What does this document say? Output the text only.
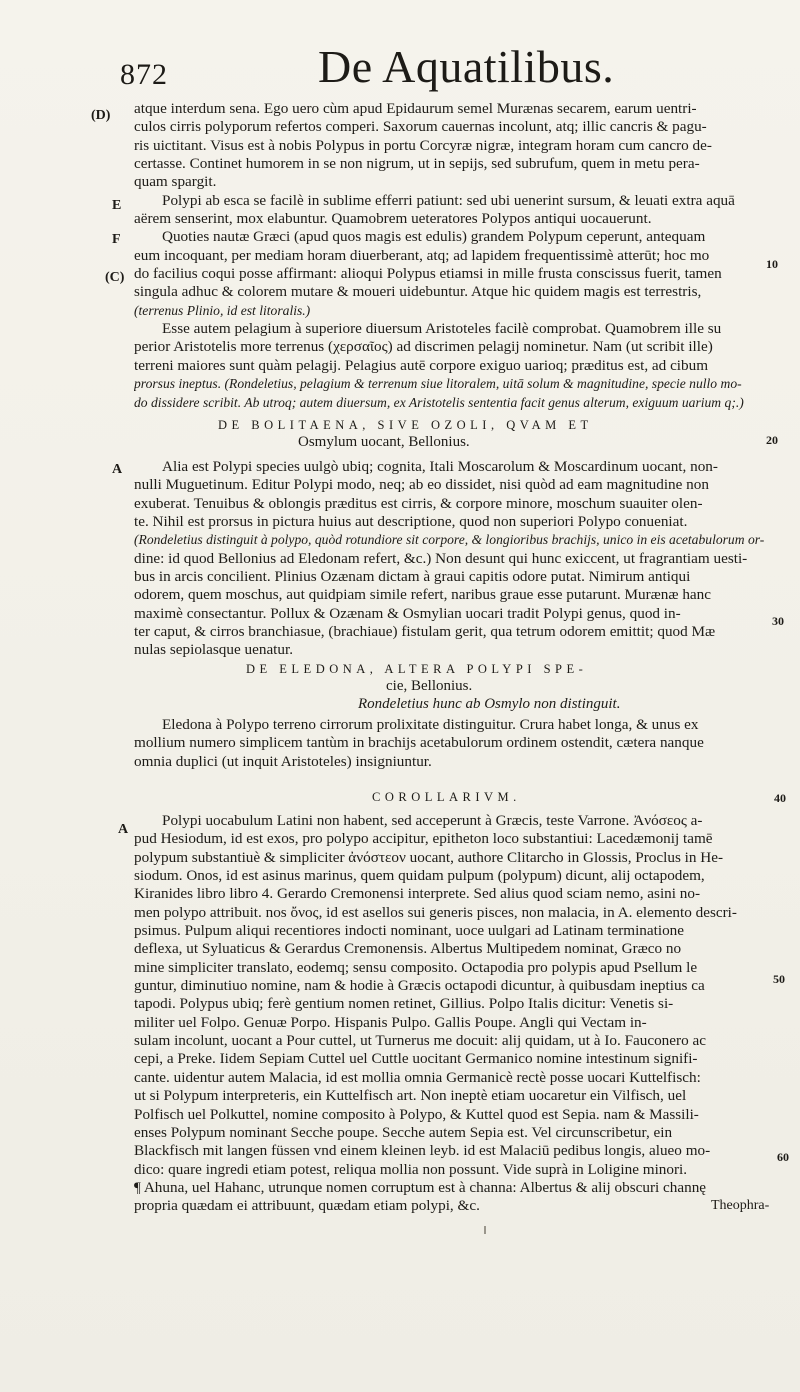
872	De Aquatilibus.
(D)
E
F
(C)
A
A
10
20
30
40
50
60
atque interdum sena. Ego uero cùm apud Epidaurum semel Murænas secarem, earum uentri-
culos cirris polyporum refertos comperi. Saxorum cauernas incolunt, atq; illic cancris & pagu-
ris uictitant. Visus est à nobis Polypus in portu Corcyræ nigræ, integram horam cum cancro de-
certasse. Continet humorem in se non nigrum, ut in sepijs, sed subrufum, quem in metu pera-
quam spargit.
Polypi ab esca se facilè in sublime efferri patiunt: sed ubi uenerint sursum, & leuati extra aquā
aërem senserint, mox elabuntur. Quamobrem ueteratores Polypos antiqui uocauerunt.
Quoties nautæ Græci (apud quos magis est edulis) grandem Polypum ceperunt, antequam
eum incoquant, per mediam horam diuerberant, atq; ad lapidem frequentissimè atterūt; hoc mo
do facilius coqui posse affirmant: alioqui Polypus etiamsi in mille frusta conscissus fuerit, tamen
singula adhuc & colorem mutare & moueri uidebuntur. Atque hic quidem magis est terrestris,
(terrenus Plinio, id est litoralis.)
Esse autem pelagium à superiore diuersum Aristoteles facilè comprobat. Quamobrem ille su
perior Aristotelis more terrenus (χερσαῖος) ad discrimen pelagij nominetur. Nam (ut scribit ille)
terreni maiores sunt quàm pelagij. Pelagius autē corpore exiguo uarioq; præditus est, ad cibum
prorsus ineptus. (Rondeletius, pelagium & terrenum siue litoralem, uitā solum & magnitudine, specie nullo mo-
do dissidere scribit. Ab utroq; autem diuersum, ex Aristotelis sententia facit genus alterum, exiguum uarium q;.)
DE BOLITAENA, SIVE OZOLI, QVAM ET
Osmylum uocant, Bellonius.
Alia est Polypi species uulgò ubiq; cognita, Itali Moscarolum & Moscardinum uocant, non-
nulli Muguetinum. Editur Polypi modo, neq; ab eo dissidet, nisi quòd ad eam magnitudine non
exuberat. Tenuibus & oblongis præditus est cirris, & corpore minore, moschum suauiter olen-
te. Nihil est prorsus in pictura huius aut descriptione, quod non superiori Polypo conueniat.
(Rondeletius distinguit à polypo, quòd rotundiore sit corpore, & longioribus brachijs, unico in eis acetabulorum or-
dine: id quod Bellonius ad Eledonam refert, &c.) Non desunt qui hunc exiccent, ut fragrantiam uesti-
bus in arcis concilient. Plinius Ozænam dictam à graui capitis odore putat. Nimirum antiqui
odorem, quem moschus, aut quidpiam simile refert, naribus graue esse putarunt. Murænæ hanc
maximè consectantur. Pollux & Ozænam & Osmylian uocari tradit Polypi genus, quod in-
ter caput, & cirros branchiasue, (brachiaue) fistulam gerit, qua tetrum odorem emittit; quod Mæ
nulas sepiolasque uenatur.
DE ELEDONA, ALTERA POLYPI SPE-
cie, Bellonius.
Rondeletius hunc ab Osmylo non distinguit.
Eledona à Polypo terreno cirrorum prolixitate distinguitur. Crura habet longa, & unus ex
mollium numero simplicem tantùm in brachijs acetabulorum ordinem ostendit, cætera nanque
omnia duplici (ut inquit Aristoteles) insigniuntur.
COROLLARIVM.
Polypi uocabulum Latini non habent, sed acceperunt à Græcis, teste Varrone. Ἀνόσεος a-
pud Hesiodum, id est exos, pro polypo accipitur, epitheton loco substantiui: Lacedæmonij tamē
polypum substantiuè & simpliciter ἀνόστεον uocant, authore Clitarcho in Glossis, Proclus in He-
siodum. Onos, id est asinus marinus, quem quidam pulpum (polypum) dicunt, alij octapodem,
Kiranides libro libro 4. Gerardo Cremonensi interprete. Sed alius quod sciam nemo, asini no-
men polypo attribuit. nos ὄνος, id est asellos sui generis pisces, non malacia, in A. elemento descri-
psimus. Pulpum aliqui recentiores indocti nominant, uoce uulgari ad Latinam terminatione
deflexa, ut Syluaticus & Gerardus Cremonensis. Albertus Multipedem nominat, Græco no
mine simpliciter translato, eodemq; sensu composito. Octapodia pro polypis apud Psellum le
guntur, diminutiuo nomine, nam & hodie à Græcis octapodi dicuntur, à quibusdam ineptius ca
tapodi. Polypus ubiq; ferè gentium nomen retinet, Gillius. Polpo Italis dicitur: Venetis si-
militer uel Folpo. Genuæ Porpo. Hispanis Pulpo. Gallis Poupe. Angli qui Vectam in-
sulam incolunt, uocant a Pour cuttel, ut Turnerus me docuit: alij quidam, ut à Io. Fauconero ac
cepi, a Preke. Iidem Sepiam Cuttel uel Cuttle uocitant Germanico nomine intestinum signifi-
cante. uidentur autem Malacia, id est mollia omnia Germanicè rectè posse uocari Kuttelfisch:
ut si Polypum interpreteris, ein Kuttelfisch art. Non ineptè etiam uocaretur ein Vilfisch, uel
Polfisch uel Polkuttel, nomine composito à Polypo, & Kuttel quod est Sepia. nam & Massili-
enses Polypum nominant Secche poupe. Secche autem Sepia est. Vel circunscribetur, ein
Blackfisch mit langen füssen vnd einem kleinen leyb. id est Malaciū pedibus longis, alueo mo-
dico: quare ingredi etiam potest, reliqua mollia non possunt. Vide suprà in Loligine minori.
¶ Ahuna, uel Hahanc, utrunque nomen corruptum est à channa: Albertus & alij obscuri channę
propria quædam ei attribuunt, quædam etiam polypi, &c.	Theophra-
